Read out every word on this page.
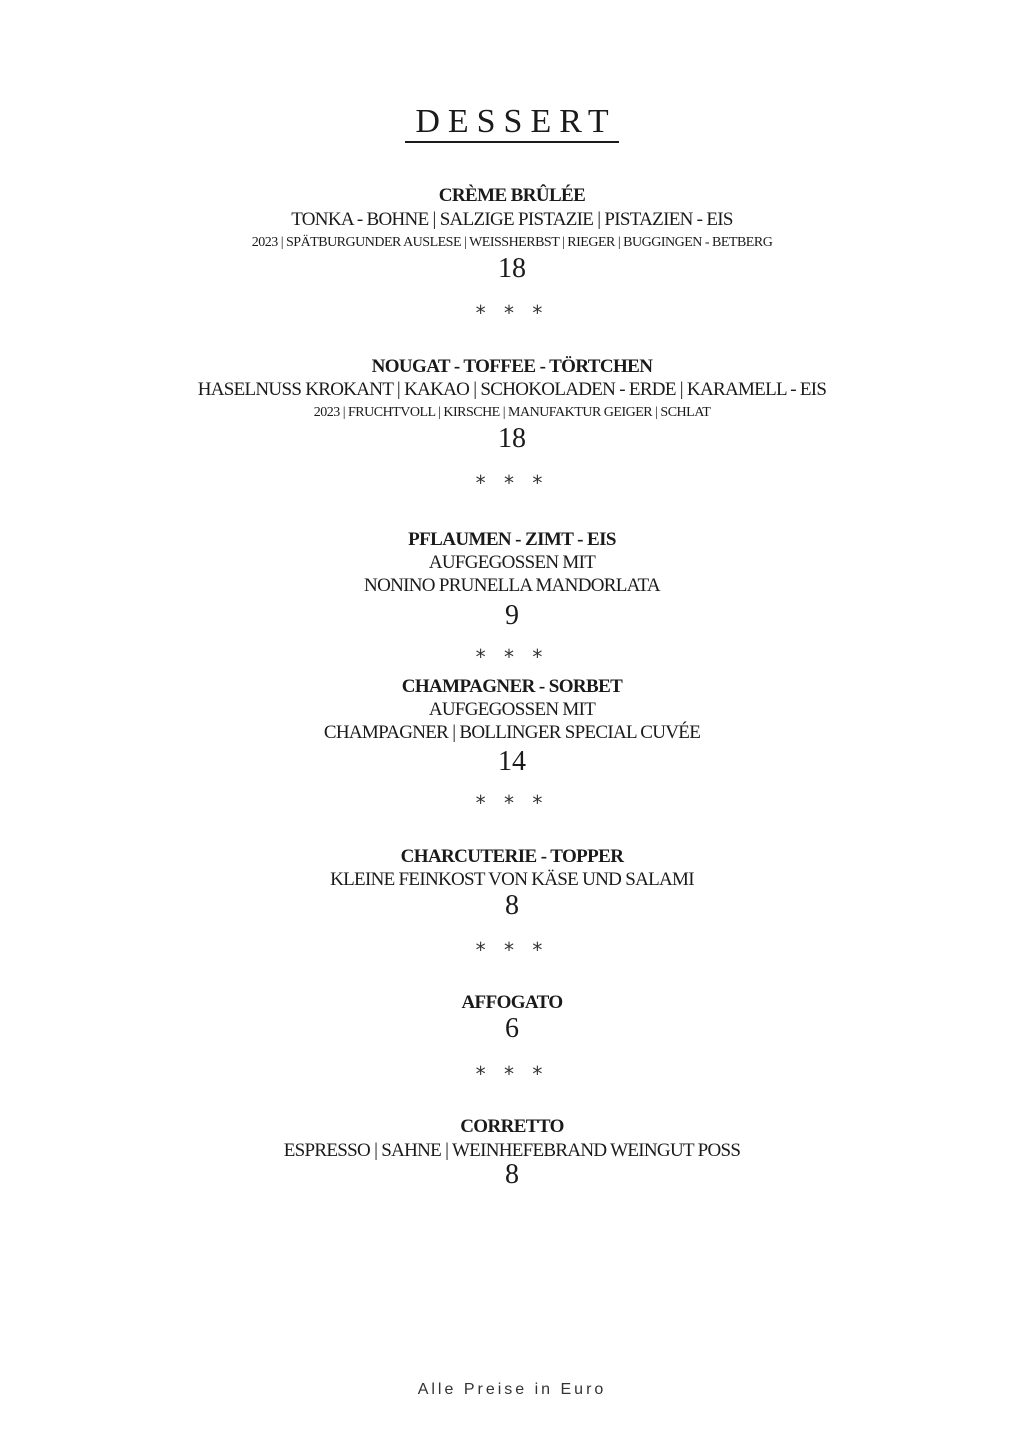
DESSERT
CRÈME BRÛLÉE
TONKA - BOHNE | SALZIGE PISTAZIE | PISTAZIEN - EIS
2023 | SPÄTBURGUNDER AUSLESE | WEISSHERBST | RIEGER | BUGGINGEN - BETBERG
18
* * *
NOUGAT - TOFFEE - TÖRTCHEN
HASELNUSS KROKANT | KAKAO | SCHOKOLADEN - ERDE | KARAMELL - EIS
2023 | FRUCHTVOLL | KIRSCHE | MANUFAKTUR GEIGER | SCHLAT
18
* * *
PFLAUMEN - ZIMT - EIS
AUFGEGOSSEN MIT
NONINO PRUNELLA MANDORLATA
9
* * *
CHAMPAGNER - SORBET
AUFGEGOSSEN MIT
CHAMPAGNER | BOLLINGER SPECIAL CUVÉE
14
* * *
CHARCUTERIE - TOPPER
KLEINE FEINKOST VON KÄSE UND SALAMI
8
* * *
AFFOGATO
6
* * *
CORRETTO
ESPRESSO | SAHNE | WEINHEFEBRAND WEINGUT POSS
8
Alle Preise in Euro
